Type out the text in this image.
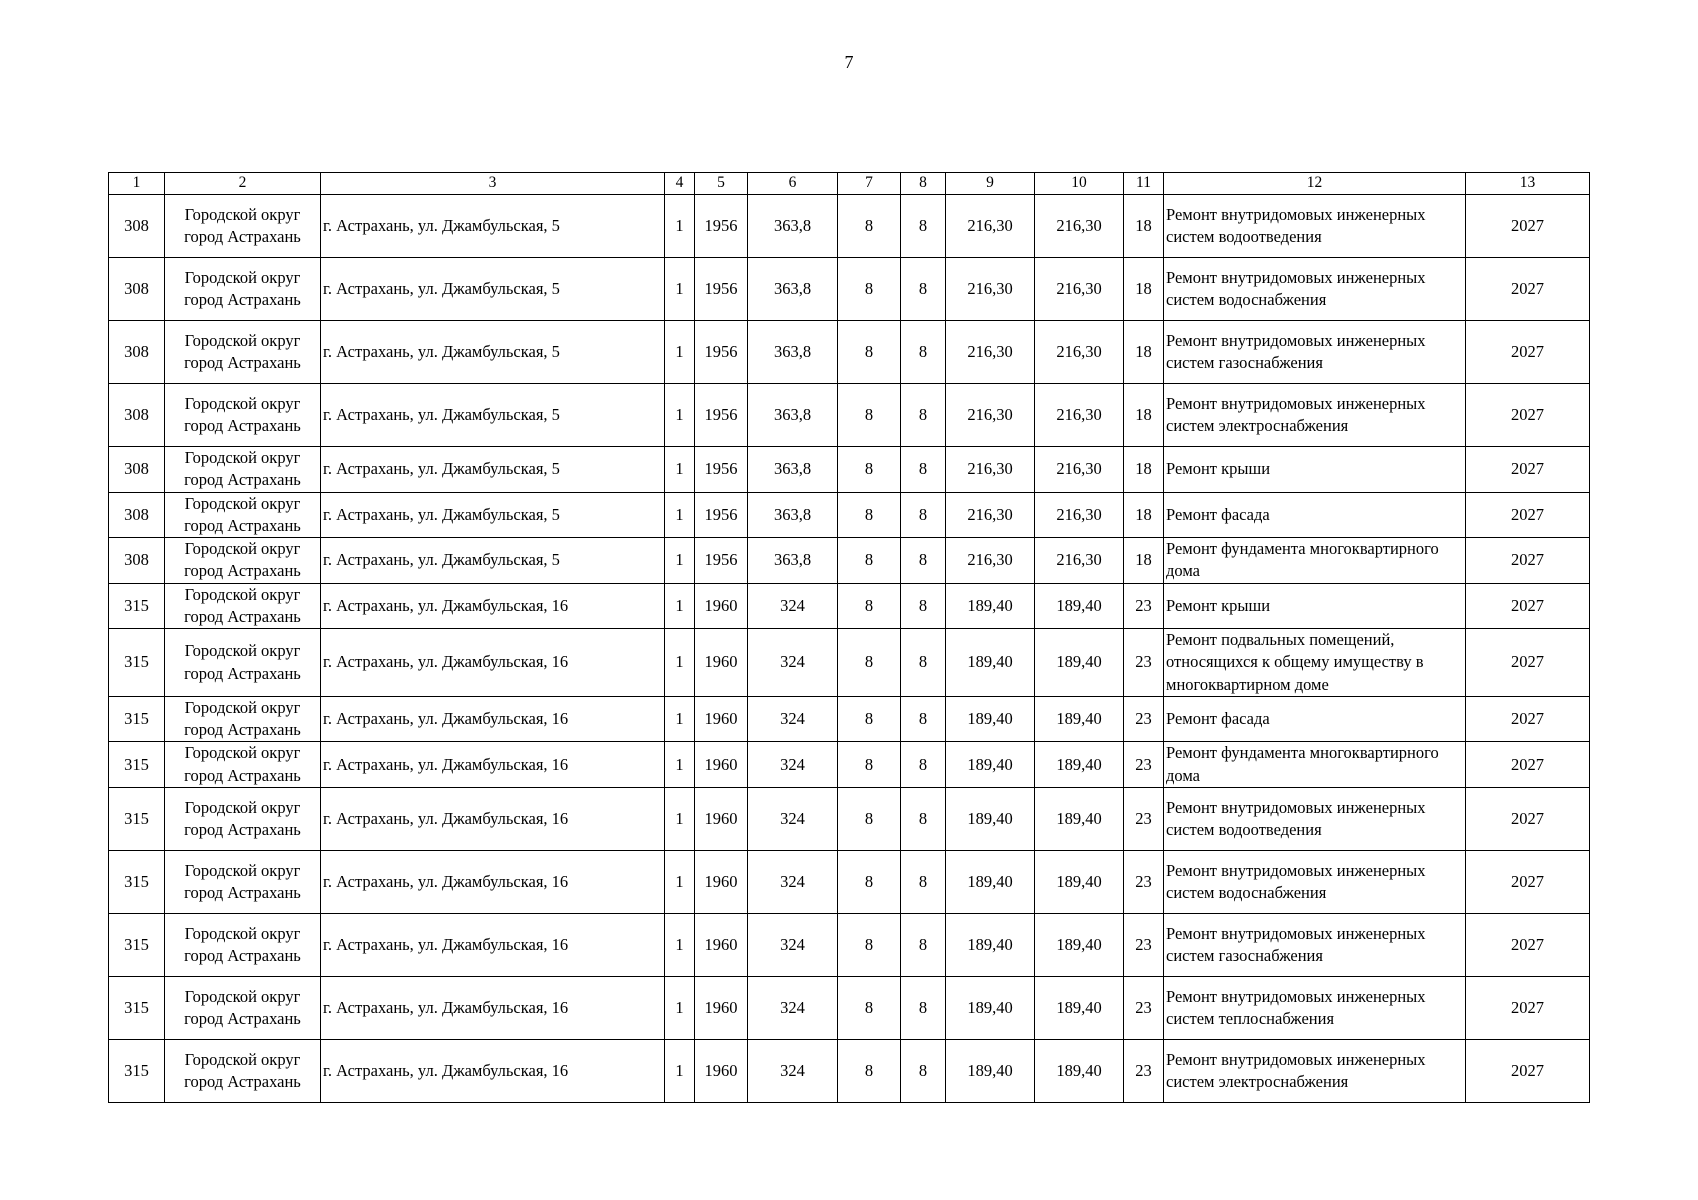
7
1	2	3	4	5	6	7	8	9	10	11	12	13
308	Городской округ город Астрахань	г. Астрахань, ул. Джамбульская, 5	1	1956	363,8	8	8	216,30	216,30	18	Ремонт внутридомовых инженерных систем водоотведения	2027
308	Городской округ город Астрахань	г. Астрахань, ул. Джамбульская, 5	1	1956	363,8	8	8	216,30	216,30	18	Ремонт внутридомовых инженерных систем водоснабжения	2027
308	Городской округ город Астрахань	г. Астрахань, ул. Джамбульская, 5	1	1956	363,8	8	8	216,30	216,30	18	Ремонт внутридомовых инженерных систем газоснабжения	2027
308	Городской округ город Астрахань	г. Астрахань, ул. Джамбульская, 5	1	1956	363,8	8	8	216,30	216,30	18	Ремонт внутридомовых инженерных систем электроснабжения	2027
308	Городской округ город Астрахань	г. Астрахань, ул. Джамбульская, 5	1	1956	363,8	8	8	216,30	216,30	18	Ремонт крыши	2027
308	Городской округ город Астрахань	г. Астрахань, ул. Джамбульская, 5	1	1956	363,8	8	8	216,30	216,30	18	Ремонт фасада	2027
308	Городской округ город Астрахань	г. Астрахань, ул. Джамбульская, 5	1	1956	363,8	8	8	216,30	216,30	18	Ремонт фундамента многоквартирного дома	2027
315	Городской округ город Астрахань	г. Астрахань, ул. Джамбульская, 16	1	1960	324	8	8	189,40	189,40	23	Ремонт крыши	2027
315	Городской округ город Астрахань	г. Астрахань, ул. Джамбульская, 16	1	1960	324	8	8	189,40	189,40	23	Ремонт подвальных помещений, относящихся к общему имуществу в многоквартирном доме	2027
315	Городской округ город Астрахань	г. Астрахань, ул. Джамбульская, 16	1	1960	324	8	8	189,40	189,40	23	Ремонт фасада	2027
315	Городской округ город Астрахань	г. Астрахань, ул. Джамбульская, 16	1	1960	324	8	8	189,40	189,40	23	Ремонт фундамента многоквартирного дома	2027
315	Городской округ город Астрахань	г. Астрахань, ул. Джамбульская, 16	1	1960	324	8	8	189,40	189,40	23	Ремонт внутридомовых инженерных систем водоотведения	2027
315	Городской округ город Астрахань	г. Астрахань, ул. Джамбульская, 16	1	1960	324	8	8	189,40	189,40	23	Ремонт внутридомовых инженерных систем водоснабжения	2027
315	Городской округ город Астрахань	г. Астрахань, ул. Джамбульская, 16	1	1960	324	8	8	189,40	189,40	23	Ремонт внутридомовых инженерных систем газоснабжения	2027
315	Городской округ город Астрахань	г. Астрахань, ул. Джамбульская, 16	1	1960	324	8	8	189,40	189,40	23	Ремонт внутридомовых инженерных систем теплоснабжения	2027
315	Городской округ город Астрахань	г. Астрахань, ул. Джамбульская, 16	1	1960	324	8	8	189,40	189,40	23	Ремонт внутридомовых инженерных систем электроснабжения	2027
